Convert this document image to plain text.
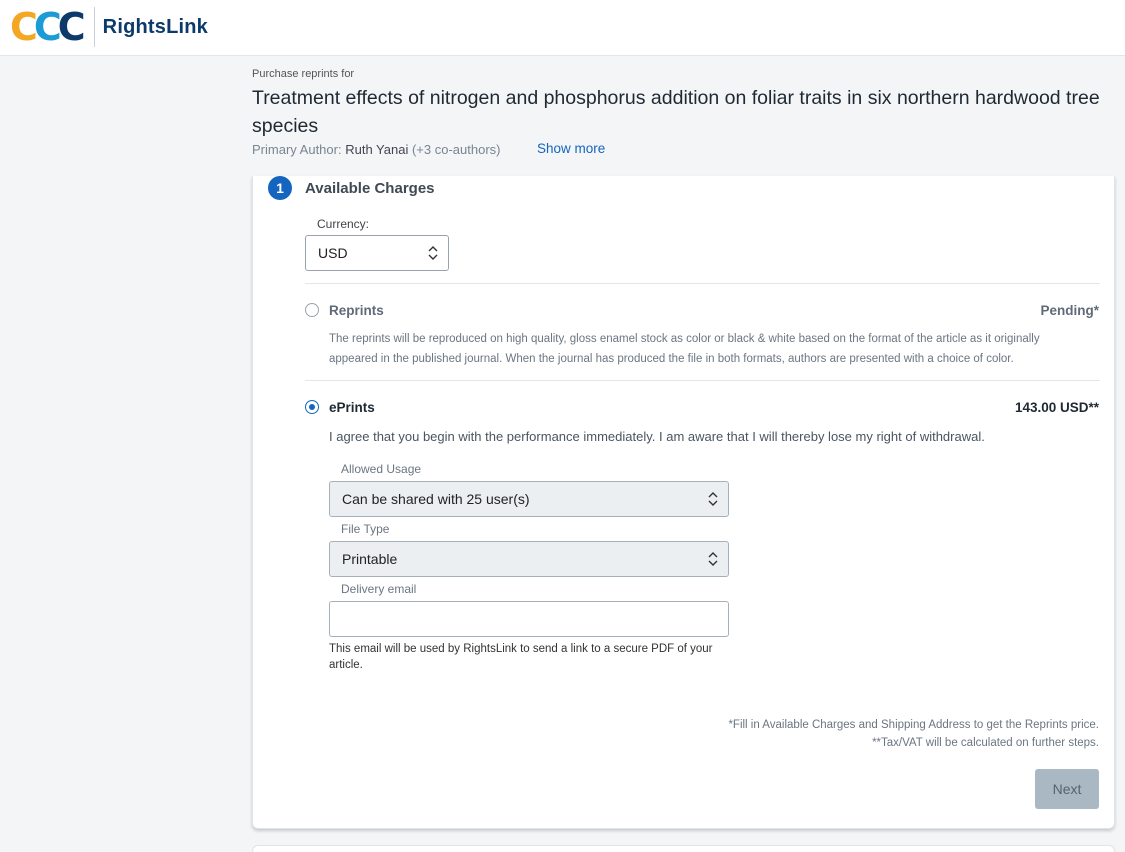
C C C RightsLink
Purchase reprints for
Treatment effects of nitrogen and phosphorus addition on foliar traits in six northern hardwood tree species
Primary Author: Ruth Yanai (+3 co-authors)	Show more
1	Available Charges
Currency:
USD
Reprints	Pending*
The reprints will be reproduced on high quality, gloss enamel stock as color or black & white based on the format of the article as it originally appeared in the published journal. When the journal has produced the file in both formats, authors are presented with a choice of color.
ePrints	143.00 USD**
I agree that you begin with the performance immediately. I am aware that I will thereby lose my right of withdrawal.
Allowed Usage
Can be shared with 25 user(s)
File Type
Printable
Delivery email
This email will be used by RightsLink to send a link to a secure PDF of your article.
*Fill in Available Charges and Shipping Address to get the Reprints price.
**Tax/VAT will be calculated on further steps.
Next
